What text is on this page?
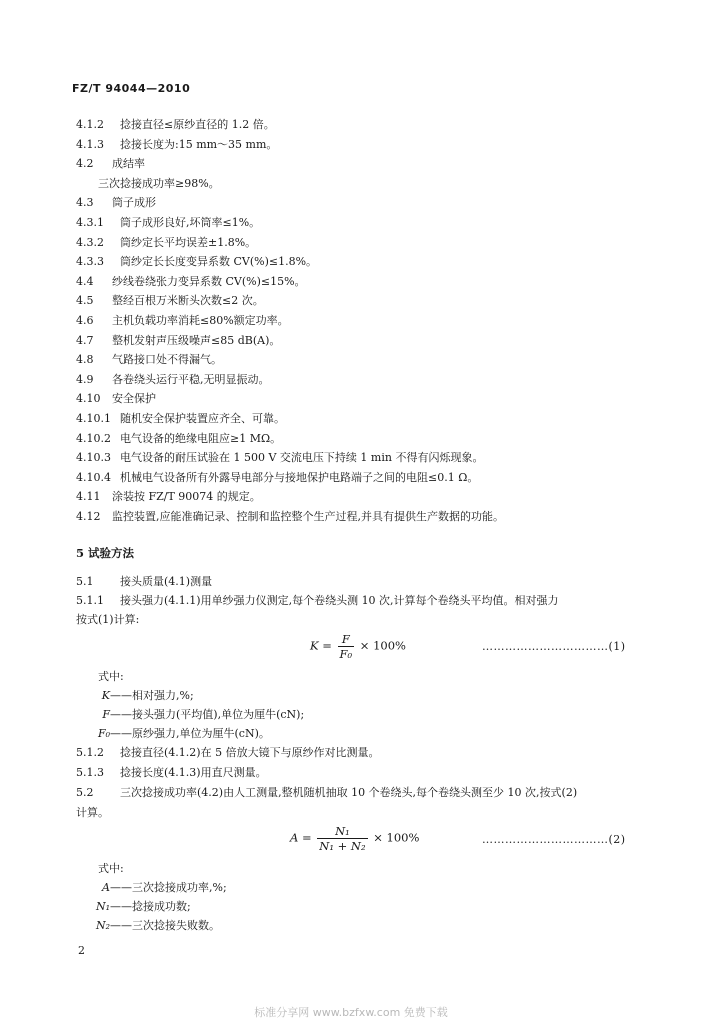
FZ/T 94044—2010
4.1.2 捻接直径≤原纱直径的 1.2 倍。
4.1.3 捻接长度为:15 mm～35 mm。
4.2 成结率
三次捻接成功率≥98%。
4.3 筒子成形
4.3.1 筒子成形良好,坏筒率≤1%。
4.3.2 筒纱定长平均误差±1.8%。
4.3.3 筒纱定长长度变异系数 CV(%)≤1.8%。
4.4 纱线卷绕张力变异系数 CV(%)≤15%。
4.5 整经百根万米断头次数≤2 次。
4.6 主机负载功率消耗≤80%额定功率。
4.7 整机发射声压级噪声≤85 dB(A)。
4.8 气路接口处不得漏气。
4.9 各卷绕头运行平稳,无明显振动。
4.10 安全保护
4.10.1 随机安全保护装置应齐全、可靠。
4.10.2 电气设备的绝缘电阻应≥1 MΩ。
4.10.3 电气设备的耐压试验在 1 500 V 交流电压下持续 1 min 不得有闪烁现象。
4.10.4 机械电气设备所有外露导电部分与接地保护电路端子之间的电阻≤0.1 Ω。
4.11 涂装按 FZ/T 90074 的规定。
4.12 监控装置,应能准确记录、控制和监控整个生产过程,并具有提供生产数据的功能。
5 试验方法
5.1 接头质量(4.1)测量
5.1.1 接头强力(4.1.1)用单纱强力仪测定,每个卷绕头测 10 次,计算每个卷绕头平均值。相对强力
按式(1)计算:
$K = \frac{F}{\text{F₀}} \times 100\%$	……………………………(1)
式中:
K——相对强力,%;
F——接头强力(平均值),单位为厘牛(cN);
F₀——原纱强力,单位为厘牛(cN)。
5.1.2 捻接直径(4.1.2)在 5 倍放大镜下与原纱作对比测量。
5.1.3 捻接长度(4.1.3)用直尺测量。
5.2 三次捻接成功率(4.2)由人工测量,整机随机抽取 10 个卷绕头,每个卷绕头测至少 10 次,按式(2)
计算。
$A = \frac{\text{N₁}}{\text{N₁ + N₂}} \times 100\%$	……………………………(2)
式中:
A——三次捻接成功率,%;
N₁——捻接成功数;
N₂——三次捻接失败数。
2
标准分享网 www.bzfxw.com 免费下载
